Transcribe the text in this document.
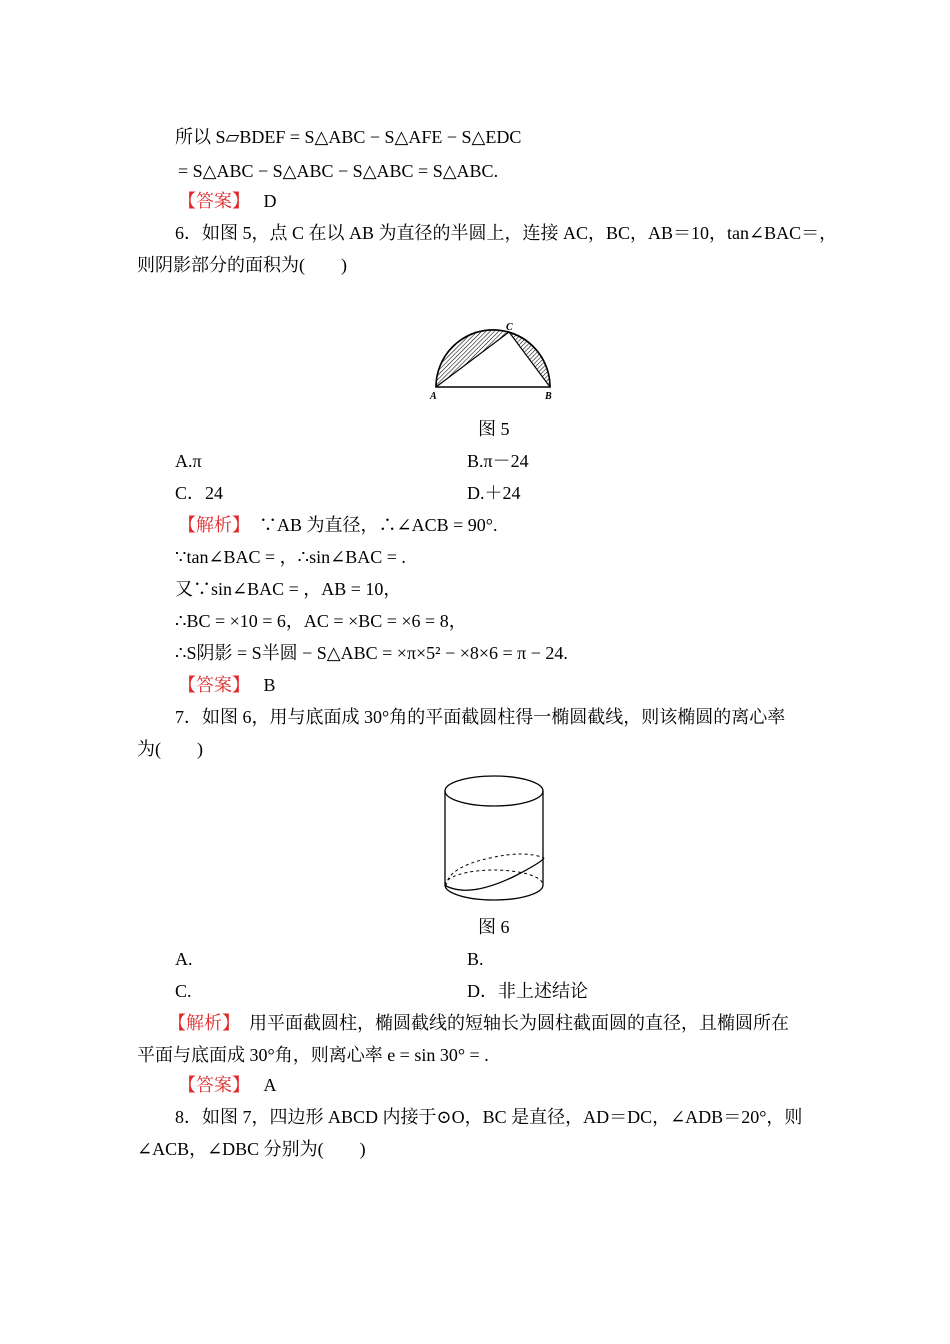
所以 S▱BDEF = S△ABC − S△AFE − S△EDC
= S△ABC − S△ABC − S△ABC = S△ABC.
【答案】　 D
6．如图 5，点 C 在以 AB 为直径的半圆上，连接 AC，BC，AB＝10，tan∠BAC＝，
则阴影部分的面积为(　　)
A	B
C
图 5
A.π	B.π－24
C．24	D.＋24
【解析】　∵AB 为直径，∴∠ACB = 90°.
∵tan∠BAC = ，∴sin∠BAC = .
又∵sin∠BAC = ，AB = 10，
∴BC = ×10 = 6，AC = ×BC = ×6 = 8，
∴S阴影 = S半圆 − S△ABC = ×π×5² − ×8×6 = π − 24.
【答案】　 B
7．如图 6，用与底面成 30°角的平面截圆柱得一椭圆截线，则该椭圆的离心率
为(　　)
图 6
A.	B.
C.	D．非上述结论
【解析】　用平面截圆柱，椭圆截线的短轴长为圆柱截面圆的直径，且椭圆所在
平面与底面成 30°角，则离心率 e = sin 30° = .
【答案】　 A
8．如图 7，四边形 ABCD 内接于⊙O，BC 是直径，AD＝DC，∠ADB＝20°，则
∠ACB，∠DBC 分别为(　　)
